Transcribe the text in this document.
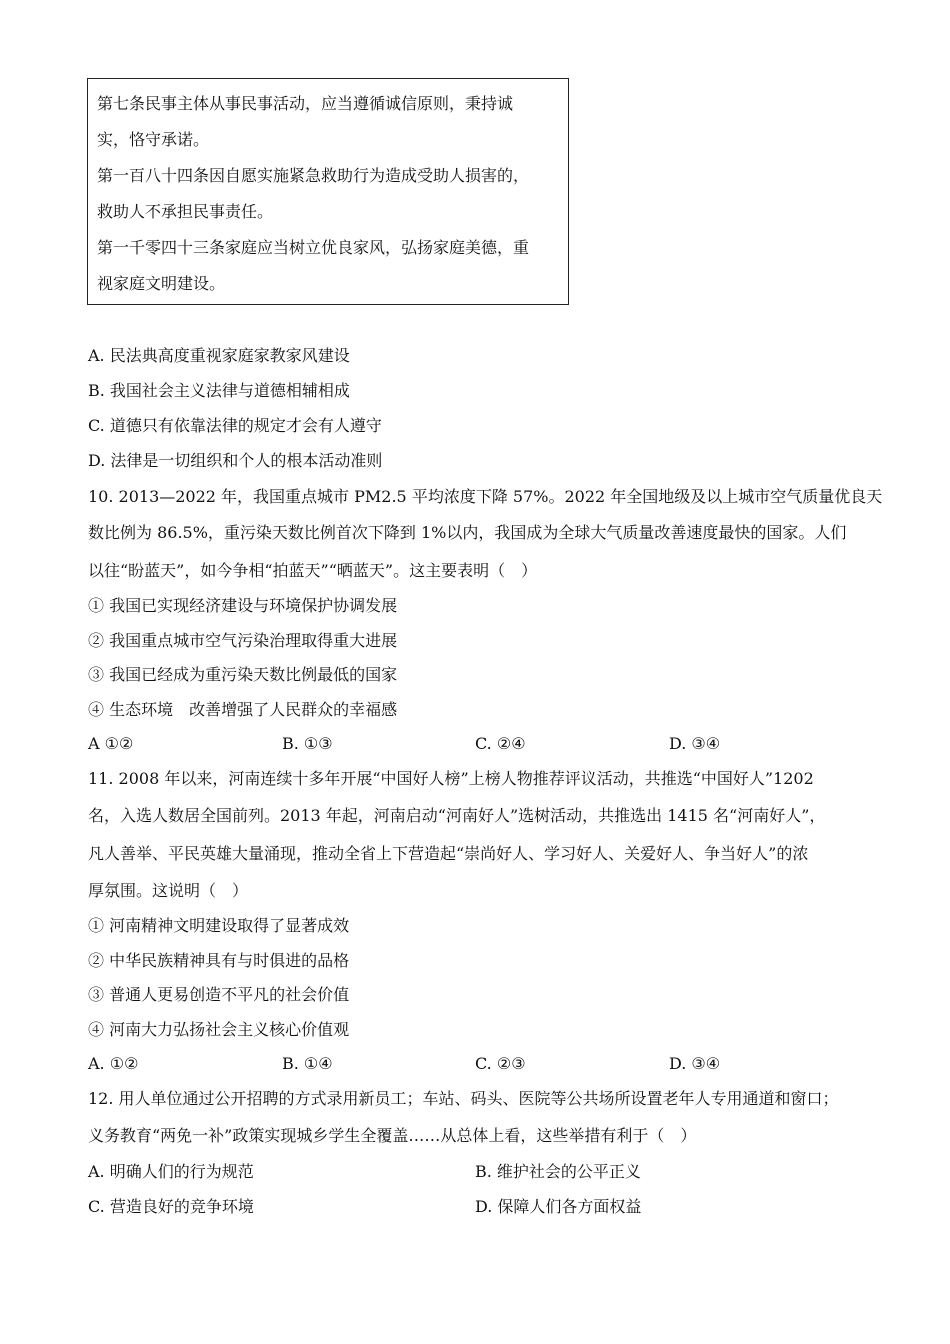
第七条民事主体从事民事活动，应当遵循诚信原则，秉持诚
实，恪守承诺。
第一百八十四条因自愿实施紧急救助行为造成受助人损害的，
救助人不承担民事责任。
第一千零四十三条家庭应当树立优良家风，弘扬家庭美德，重
视家庭文明建设。
A. 民法典高度重视家庭家教家风建设
B. 我国社会主义法律与道德相辅相成
C. 道德只有依靠法律的规定才会有人遵守
D. 法律是一切组织和个人的根本活动准则
10. 2013—2022 年，我国重点城市 PM2.5 平均浓度下降 57%。2022 年全国地级及以上城市空气质量优良天
数比例为 86.5%，重污染天数比例首次下降到 1%以内，我国成为全球大气质量改善速度最快的国家。人们
以往“盼蓝天”，如今争相“拍蓝天”“晒蓝天”。这主要表明（　）
① 我国已实现经济建设与环境保护协调发展
② 我国重点城市空气污染治理取得重大进展
③ 我国已经成为重污染天数比例最低的国家
④ 生态环境　改善增强了人民群众的幸福感
A ①②	B. ①③	C. ②④	D. ③④
11. 2008 年以来，河南连续十多年开展“中国好人榜”上榜人物推荐评议活动，共推选“中国好人”1202
名，入选人数居全国前列。2013 年起，河南启动“河南好人”选树活动，共推选出 1415 名“河南好人”，
凡人善举、平民英雄大量涌现，推动全省上下营造起“崇尚好人、学习好人、关爱好人、争当好人”的浓
厚氛围。这说明（　）
① 河南精神文明建设取得了显著成效
② 中华民族精神具有与时俱进的品格
③ 普通人更易创造不平凡的社会价值
④ 河南大力弘扬社会主义核心价值观
A. ①②	B. ①④	C. ②③	D. ③④
12. 用人单位通过公开招聘的方式录用新员工；车站、码头、医院等公共场所设置老年人专用通道和窗口；
义务教育“两免一补”政策实现城乡学生全覆盖……从总体上看，这些举措有利于（　）
A. 明确人们的行为规范	B. 维护社会的公平正义
C. 营造良好的竞争环境	D. 保障人们各方面权益
